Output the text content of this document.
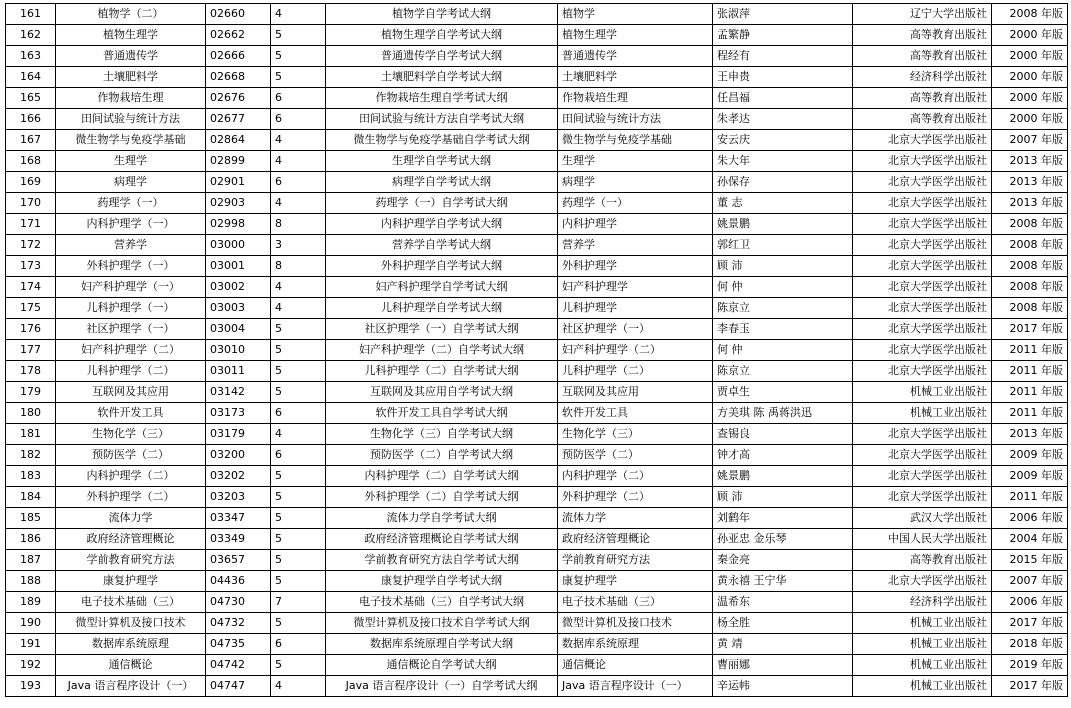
161	植物学（二）	02660	4	植物学自学考试大纲	植物学	张淑萍	辽宁大学出版社	2008 年版
162	植物生理学	02662	5	植物生理学自学考试大纲	植物生理学	孟繁静	高等教育出版社	2000 年版
163	普通遗传学	02666	5	普通遗传学自学考试大纲	普通遗传学	程经有	高等教育出版社	2000 年版
164	土壤肥料学	02668	5	土壤肥料学自学考试大纲	土壤肥料学	王申贵	经济科学出版社	2000 年版
165	作物栽培生理	02676	6	作物栽培生理自学考试大纲	作物栽培生理	任昌福	高等教育出版社	2000 年版
166	田间试验与统计方法	02677	6	田间试验与统计方法自学考试大纲	田间试验与统计方法	朱孝达	高等教育出版社	2000 年版
167	微生物学与免疫学基础	02864	4	微生物学与免疫学基础自学考试大纲	微生物学与免疫学基础	安云庆	北京大学医学出版社	2007 年版
168	生理学	02899	4	生理学自学考试大纲	生理学	朱大年	北京大学医学出版社	2013 年版
169	病理学	02901	6	病理学自学考试大纲	病理学	孙保存	北京大学医学出版社	2013 年版
170	药理学（一）	02903	4	药理学（一）自学考试大纲	药理学（一）	董 志	北京大学医学出版社	2013 年版
171	内科护理学（一）	02998	8	内科护理学自学考试大纲	内科护理学	姚景鹏	北京大学医学出版社	2008 年版
172	营养学	03000	3	营养学自学考试大纲	营养学	郭红卫	北京大学医学出版社	2008 年版
173	外科护理学（一）	03001	8	外科护理学自学考试大纲	外科护理学	顾 沛	北京大学医学出版社	2008 年版
174	妇产科护理学（一）	03002	4	妇产科护理学自学考试大纲	妇产科护理学	何 仲	北京大学医学出版社	2008 年版
175	儿科护理学（一）	03003	4	儿科护理学自学考试大纲	儿科护理学	陈京立	北京大学医学出版社	2008 年版
176	社区护理学（一）	03004	5	社区护理学（一）自学考试大纲	社区护理学（一）	李春玉	北京大学医学出版社	2017 年版
177	妇产科护理学（二）	03010	5	妇产科护理学（二）自学考试大纲	妇产科护理学（二）	何 仲	北京大学医学出版社	2011 年版
178	儿科护理学（二）	03011	5	儿科护理学（二）自学考试大纲	儿科护理学（二）	陈京立	北京大学医学出版社	2011 年版
179	互联网及其应用	03142	5	互联网及其应用自学考试大纲	互联网及其应用	贾卓生	机械工业出版社	2011 年版
180	软件开发工具	03173	6	软件开发工具自学考试大纲	软件开发工具	方美琪 陈 禹蒋洪迅	机械工业出版社	2011 年版
181	生物化学（三）	03179	4	生物化学（三）自学考试大纲	生物化学（三）	查锡良	北京大学医学出版社	2013 年版
182	预防医学（二）	03200	6	预防医学（二）自学考试大纲	预防医学（二）	钟才高	北京大学医学出版社	2009 年版
183	内科护理学（二）	03202	5	内科护理学（二）自学考试大纲	内科护理学（二）	姚景鹏	北京大学医学出版社	2009 年版
184	外科护理学（二）	03203	5	外科护理学（二）自学考试大纲	外科护理学（二）	顾 沛	北京大学医学出版社	2011 年版
185	流体力学	03347	5	流体力学自学考试大纲	流体力学	刘鹤年	武汉大学出版社	2006 年版
186	政府经济管理概论	03349	5	政府经济管理概论自学考试大纲	政府经济管理概论	孙亚忠 金乐琴	中国人民大学出版社	2004 年版
187	学前教育研究方法	03657	5	学前教育研究方法自学考试大纲	学前教育研究方法	秦金亮	高等教育出版社	2015 年版
188	康复护理学	04436	5	康复护理学自学考试大纲	康复护理学	黄永禧 王宁华	北京大学医学出版社	2007 年版
189	电子技术基础（三）	04730	7	电子技术基础（三）自学考试大纲	电子技术基础（三）	温希东	经济科学出版社	2006 年版
190	微型计算机及接口技术	04732	5	微型计算机及接口技术自学考试大纲	微型计算机及接口技术	杨全胜	机械工业出版社	2017 年版
191	数据库系统原理	04735	6	数据库系统原理自学考试大纲	数据库系统原理	黄 靖	机械工业出版社	2018 年版
192	通信概论	04742	5	通信概论自学考试大纲	通信概论	曹丽娜	机械工业出版社	2019 年版
193	Java 语言程序设计（一）	04747	4	Java 语言程序设计（一）自学考试大纲	Java 语言程序设计（一）	辛运帏	机械工业出版社	2017 年版
